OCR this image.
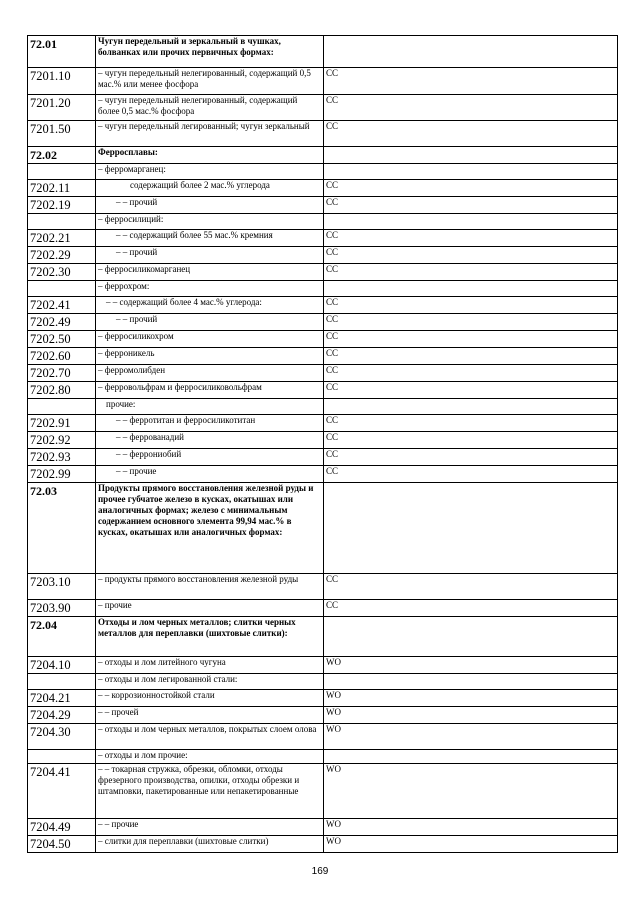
72.01	Чугун передельный и зеркальный в чушках, болванках или прочих первичных формах:	
7201.10	– чугун передельный нелегированный, содержащий 0,5 мас.% или менее фосфора	CC
7201.20	– чугун передельный нелегированный, содержащий более 0,5 мас.% фосфора	CC
7201.50	– чугун передельный легированный; чугун зеркальный	CC
72.02	Ферросплавы:	
	– ферромарганец:	
7202.11	содержащий более 2 мас.% углерода	CC
7202.19	– – прочий	CC
	– ферросилиций:	
7202.21	– – содержащий более 55 мас.% кремния	CC
7202.29	– – прочий	CC
7202.30	– ферросиликомарганец	CC
	– феррохром:	
7202.41	– – содержащий более 4 мас.% углерода:	CC
7202.49	– – прочий	CC
7202.50	– ферросиликохром	CC
7202.60	– ферроникель	CC
7202.70	– ферромолибден	CC
7202.80	– ферровольфрам и ферросиликовольфрам	CC
	прочие:	
7202.91	– – ферротитан и ферросиликотитан	CC
7202.92	– – феррованадий	CC
7202.93	– – феррониобий	CC
7202.99	– – прочие	CC
72.03	Продукты прямого восстановления железной руды и прочее губчатое железо в кусках, окатышах или аналогичных формах; железо с минимальным содержанием основного элемента 99,94 мас.% в кусках, окатышах или аналогичных формах:	
7203.10	– продукты прямого восстановления железной руды	CC
7203.90	– прочие	CC
72.04	Отходы и лом черных металлов; слитки черных металлов для переплавки (шихтовые слитки):	
7204.10	– отходы и лом литейного чугуна	WO
	– отходы и лом легированной стали:	
7204.21	– – коррозионностойкой стали	WO
7204.29	– – прочей	WO
7204.30	– отходы и лом черных металлов, покрытых слоем олова	WO
	– отходы и лом прочие:	
7204.41	– – токарная стружка, обрезки, обломки, отходы фрезерного производства, опилки, отходы обрезки и штамповки, пакетированные или непакетированные	WO
7204.49	– – прочие	WO
7204.50	– слитки для переплавки (шихтовые слитки)	WO
169
